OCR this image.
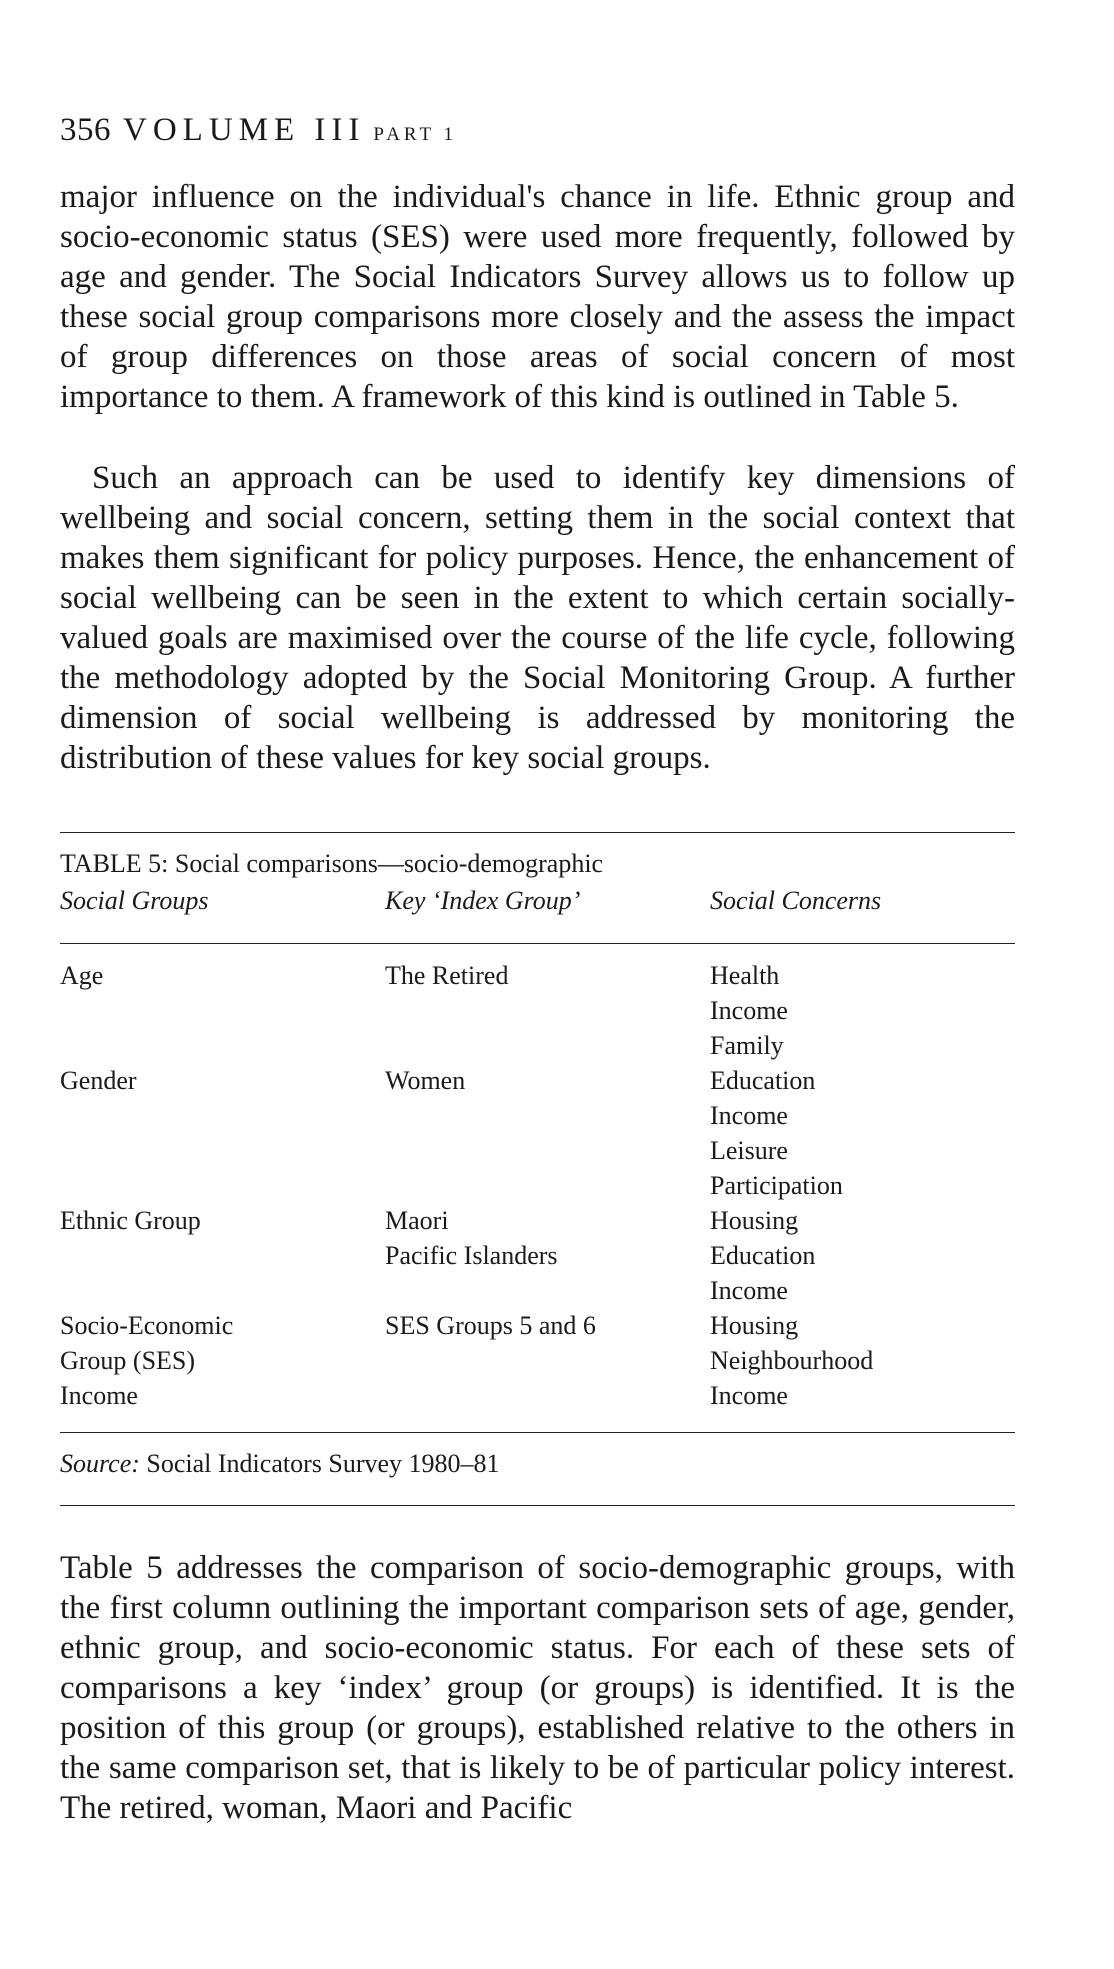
356 VOLUME III PART 1

major influence on the individual's chance in life. Ethnic group and socio-economic status (SES) were used more frequently, followed by age and gender. The Social Indicators Survey allows us to follow up these social group comparisons more closely and the assess the impact of group differences on those areas of social concern of most importance to them. A framework of this kind is outlined in Table 5.

Such an approach can be used to identify key dimensions of wellbeing and social concern, setting them in the social context that makes them significant for policy purposes. Hence, the enhancement of social wellbeing can be seen in the extent to which certain socially-valued goals are maximised over the course of the life cycle, following the methodology adopted by the Social Monitoring Group. A further dimension of social wellbeing is addressed by monitoring the distribution of these values for key social groups.

TABLE 5: Social comparisons—socio-demographic
Social Groups	Key ‘Index Group’	Social Concerns
Age
Gender
Ethnic Group
Socio-Economic
Group (SES)
Income
The Retired
Women
Maori
Pacific Islanders
SES Groups 5 and 6
Health
Income
Family
Education
Income
Leisure
Participation
Housing
Education
Income
Housing
Neighbourhood
Income
Source: Social Indicators Survey 1980–81

Table 5 addresses the comparison of socio-demographic groups, with the first column outlining the important comparison sets of age, gender, ethnic group, and socio-economic status. For each of these sets of comparisons a key ‘index’ group (or groups) is identified. It is the position of this group (or groups), established relative to the others in the same comparison set, that is likely to be of particular policy interest. The retired, woman, Maori and Pacific
